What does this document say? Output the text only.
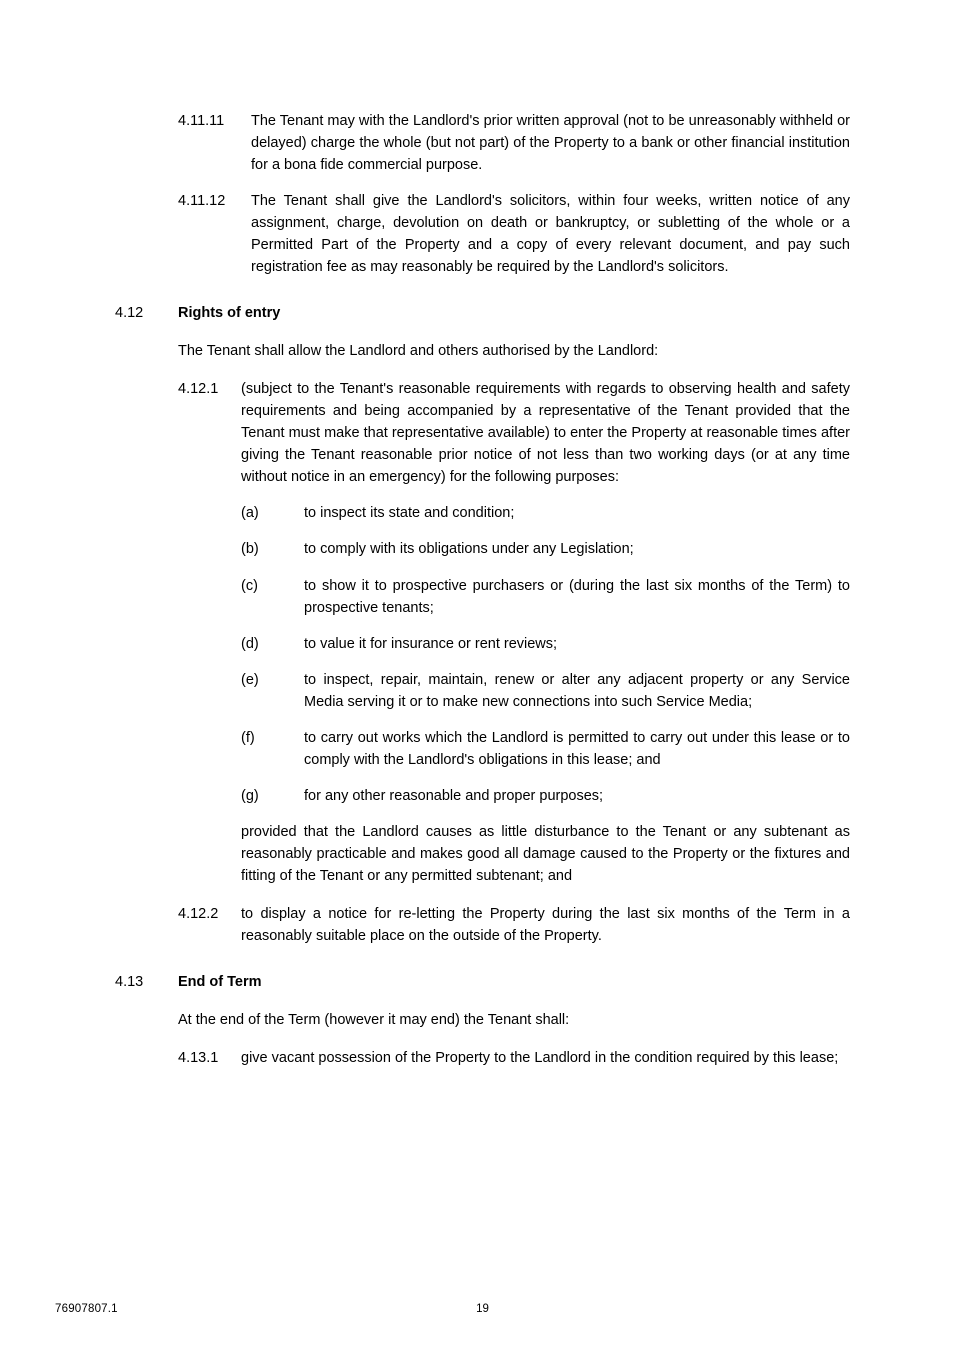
4.11.11	The Tenant may with the Landlord's prior written approval (not to be unreasonably withheld or delayed) charge the whole (but not part) of the Property to a bank or other financial institution for a bona fide commercial purpose.
4.11.12	The Tenant shall give the Landlord's solicitors, within four weeks, written notice of any assignment, charge, devolution on death or bankruptcy, or subletting of the whole or a Permitted Part of the Property and a copy of every relevant document, and pay such registration fee as may reasonably be required by the Landlord's solicitors.
4.12	Rights of entry
The Tenant shall allow the Landlord and others authorised by the Landlord:
4.12.1	(subject to the Tenant's reasonable requirements with regards to observing health and safety requirements and being accompanied by a representative of the Tenant provided that the Tenant must make that representative available) to enter the Property at reasonable times after giving the Tenant reasonable prior notice of not less than two working days (or at any time without notice in an emergency) for the following purposes:
(a)	to inspect its state and condition;
(b)	to comply with its obligations under any Legislation;
(c)	to show it to prospective purchasers or (during the last six months of the Term) to prospective tenants;
(d)	to value it for insurance or rent reviews;
(e)	to inspect, repair, maintain, renew or alter any adjacent property or any Service Media serving it or to make new connections into such Service Media;
(f)	to carry out works which the Landlord is permitted to carry out under this lease or to comply with the Landlord's obligations in this lease; and
(g)	for any other reasonable and proper purposes;
provided that the Landlord causes as little disturbance to the Tenant or any subtenant as reasonably practicable and makes good all damage caused to the Property or the fixtures and fitting of the Tenant or any permitted subtenant; and
4.12.2	to display a notice for re-letting the Property during the last six months of the Term in a reasonably suitable place on the outside of the Property.
4.13	End of Term
At the end of the Term (however it may end) the Tenant shall:
4.13.1	give vacant possession of the Property to the Landlord in the condition required by this lease;
76907807.1	19
